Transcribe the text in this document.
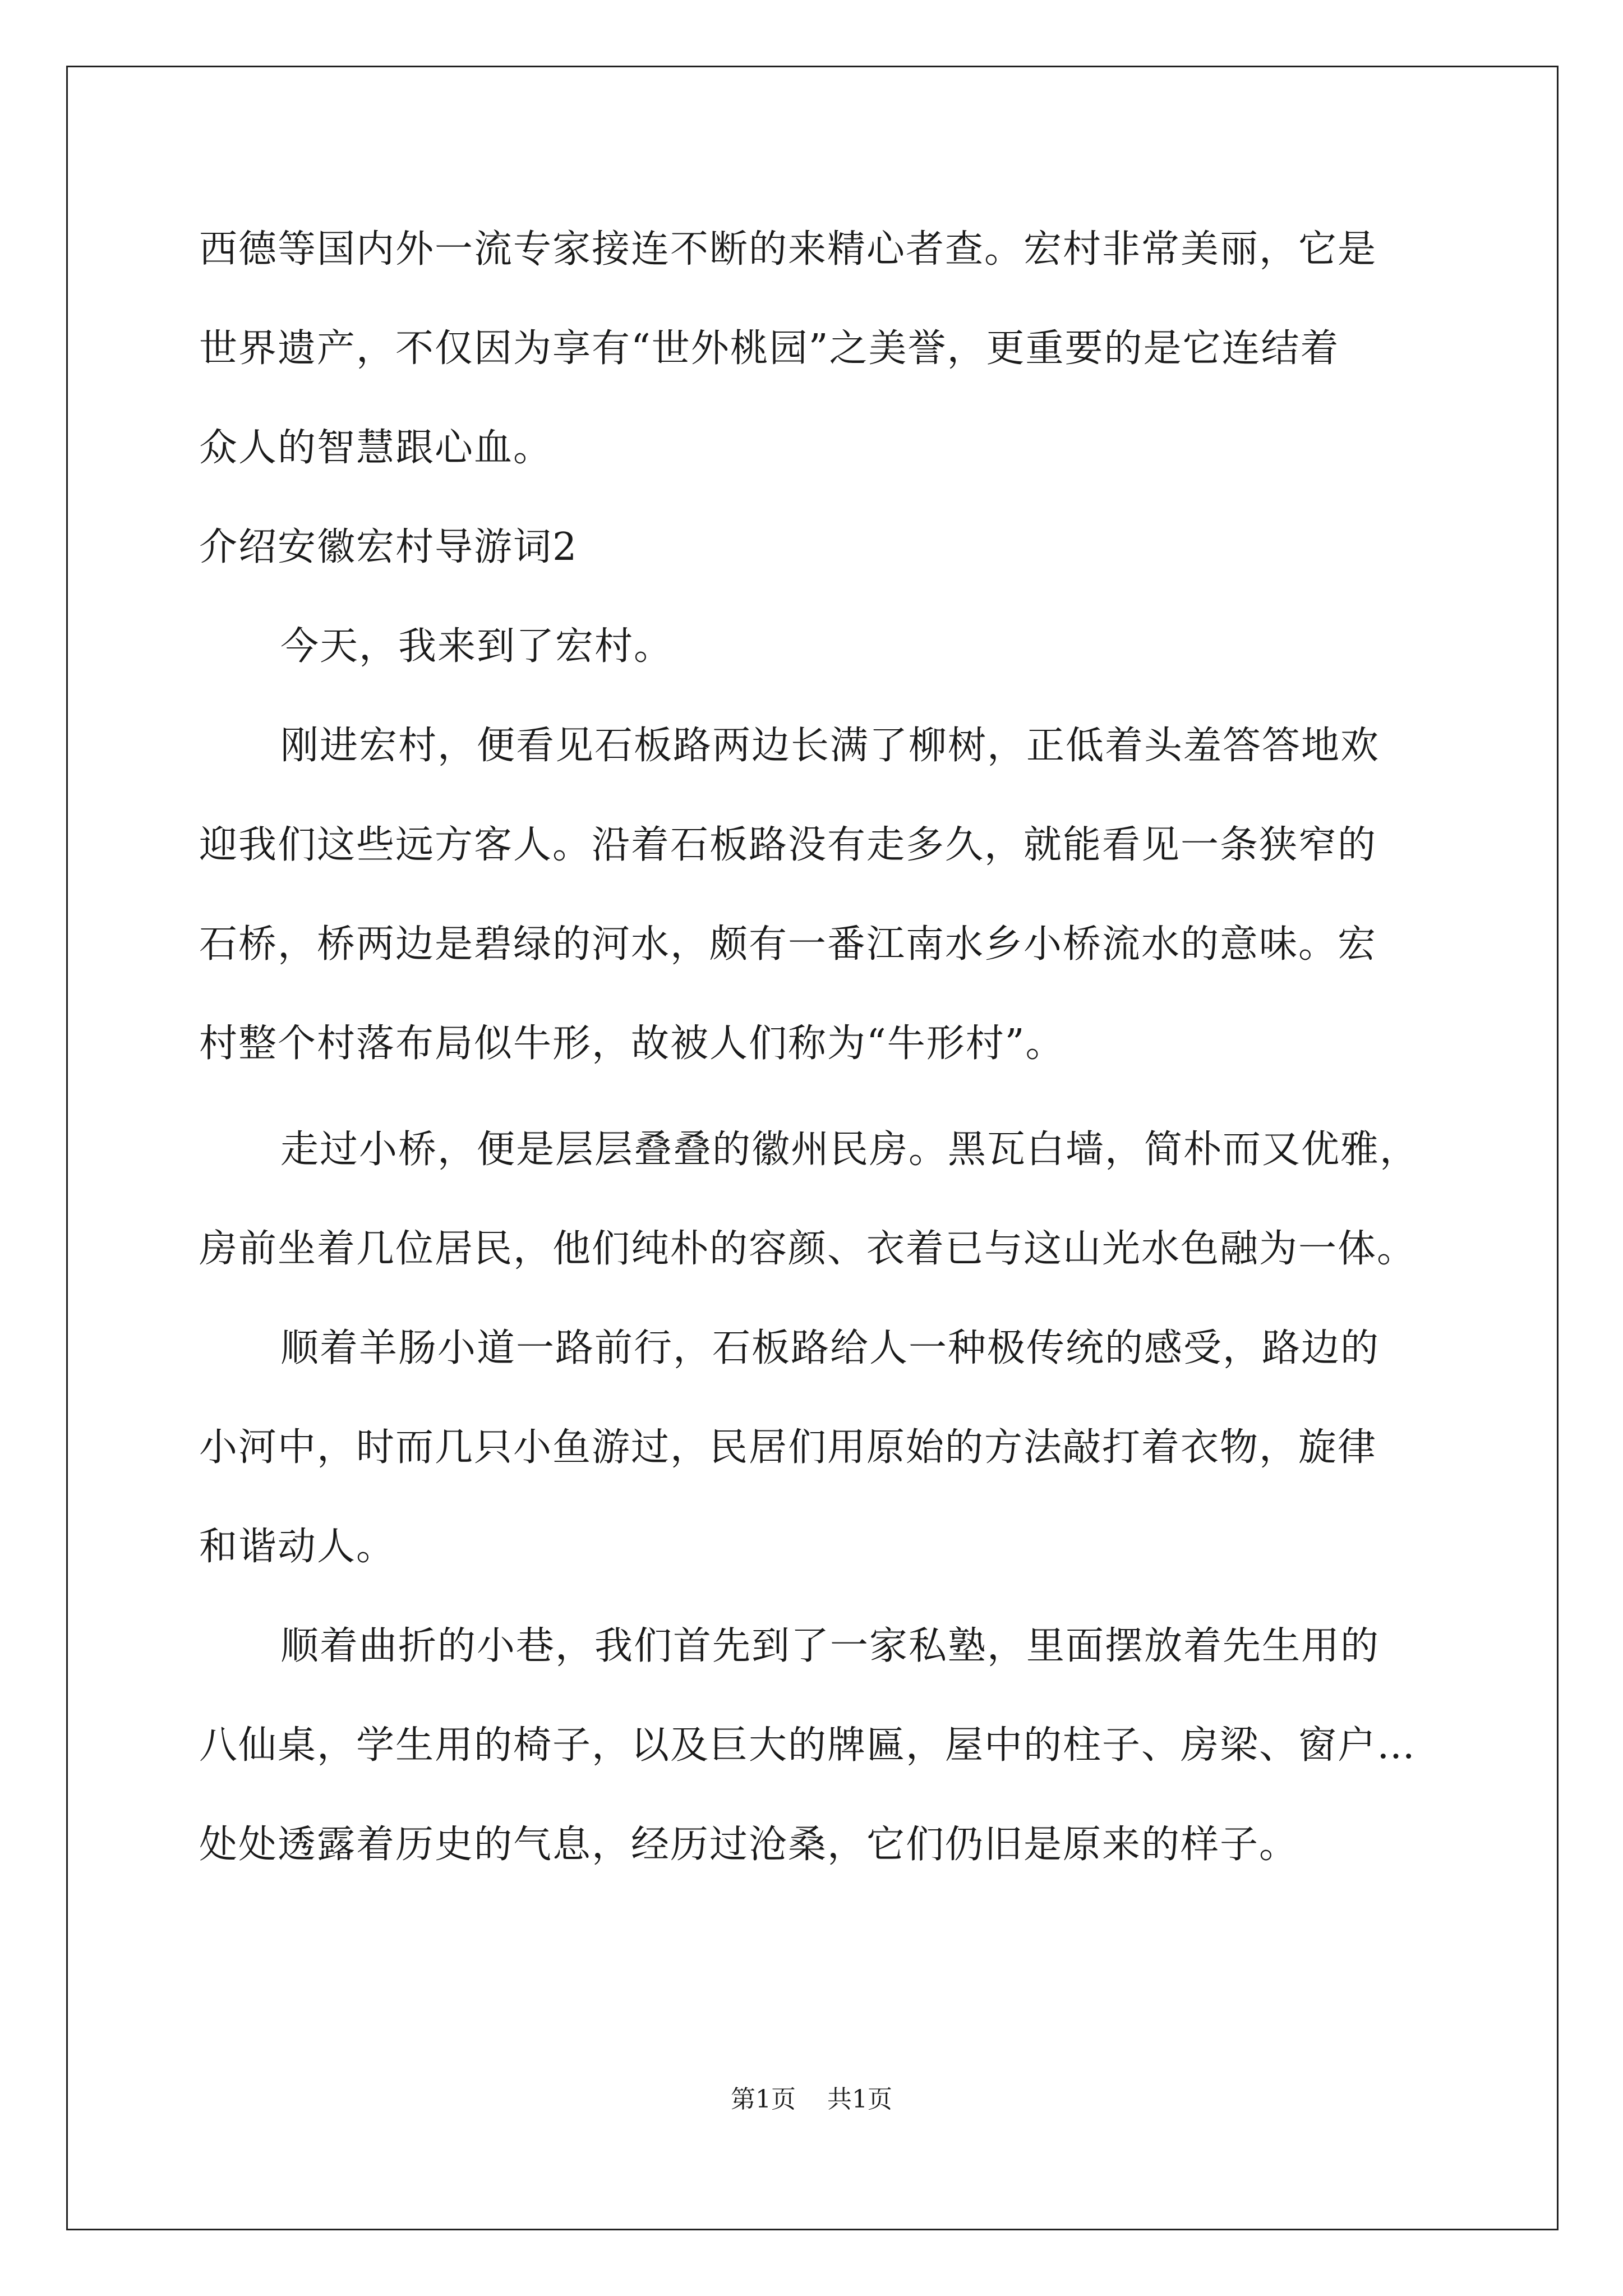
西德等国内外一流专家接连不断的来精心者查。宏村非常美丽，它是
世界遗产，不仅因为享有“世外桃园”之美誉，更重要的是它连结着
众人的智慧跟心血。
介绍安徽宏村导游词2
今天，我来到了宏村。
刚进宏村，便看见石板路两边长满了柳树，正低着头羞答答地欢
迎我们这些远方客人。沿着石板路没有走多久，就能看见一条狭窄的
石桥，桥两边是碧绿的河水，颇有一番江南水乡小桥流水的意味。宏
村整个村落布局似牛形，故被人们称为“牛形村”。
走过小桥，便是层层叠叠的徽州民房。黑瓦白墙，简朴而又优雅，
房前坐着几位居民，他们纯朴的容颜、衣着已与这山光水色融为一体。
顺着羊肠小道一路前行，石板路给人一种极传统的感受，路边的
小河中，时而几只小鱼游过，民居们用原始的方法敲打着衣物，旋律
和谐动人。
顺着曲折的小巷，我们首先到了一家私塾，里面摆放着先生用的
八仙桌，学生用的椅子，以及巨大的牌匾，屋中的柱子、房梁、窗户…
处处透露着历史的气息，经历过沧桑，它们仍旧是原来的样子。
第1页    共1页
